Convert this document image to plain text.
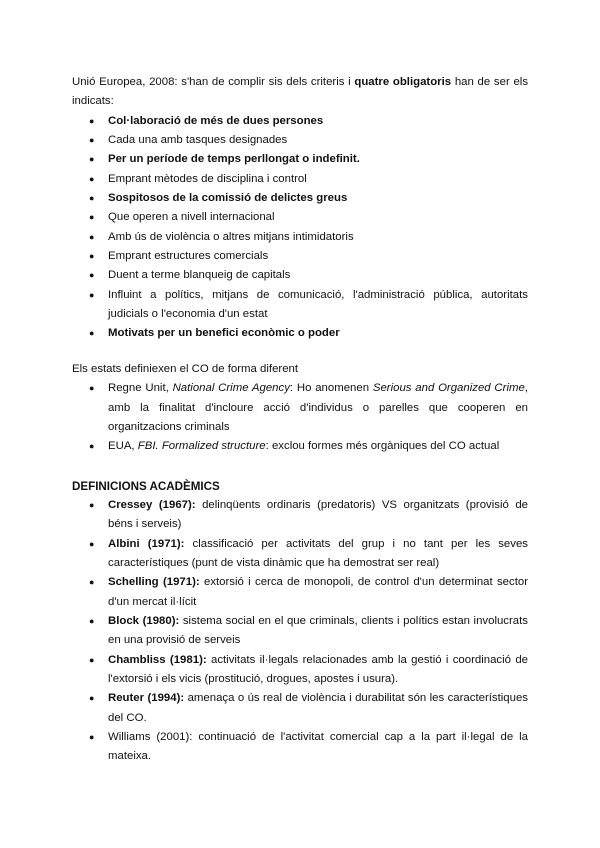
Unió Europea, 2008: s'han de complir sis dels criteris i quatre obligatoris han de ser els indicats:

● Col·laboració de més de dues persones
● Cada una amb tasques designades
● Per un període de temps perllongat o indefinit.
● Emprant mètodes de disciplina i control
● Sospitosos de la comissió de delictes greus
● Que operen a nivell internacional
● Amb ús de violència o altres mitjans intimidatoris
● Emprant estructures comercials
● Duent a terme blanqueig de capitals
● Influint a polítics, mitjans de comunicació, l'administració pública, autoritats judicials o l'economia d'un estat
● Motivats per un benefici econòmic o poder

Els estats definiexen el CO de forma diferent

● Regne Unit, National Crime Agency: Ho anomenen Serious and Organized Crime, amb la finalitat d'incloure acció d'individus o parelles que cooperen en organitzacions criminals
● EUA, FBI. Formalized structure: exclou formes més orgàniques del CO actual

DEFINICIONS ACADÈMICS

● Cressey (1967): delinqüents ordinaris (predatoris) VS organitzats (provisió de béns i serveis)
● Albini (1971): classificació per activitats del grup i no tant per les seves característiques (punt de vista dinàmic que ha demostrat ser real)
● Schelling (1971): extorsió i cerca de monopoli, de control d'un determinat sector d'un mercat il·lícit
● Block (1980): sistema social en el que criminals, clients i polítics estan involucrats en una provisió de serveis
● Chambliss (1981): activitats il·legals relacionades amb la gestió i coordinació de l'extorsió i els vicis (prostitució, drogues, apostes i usura).
● Reuter (1994): amenaça o ús real de violència i durabilitat són les característiques del CO.
● Williams (2001): continuació de l'activitat comercial cap a la part il·legal de la mateixa.
